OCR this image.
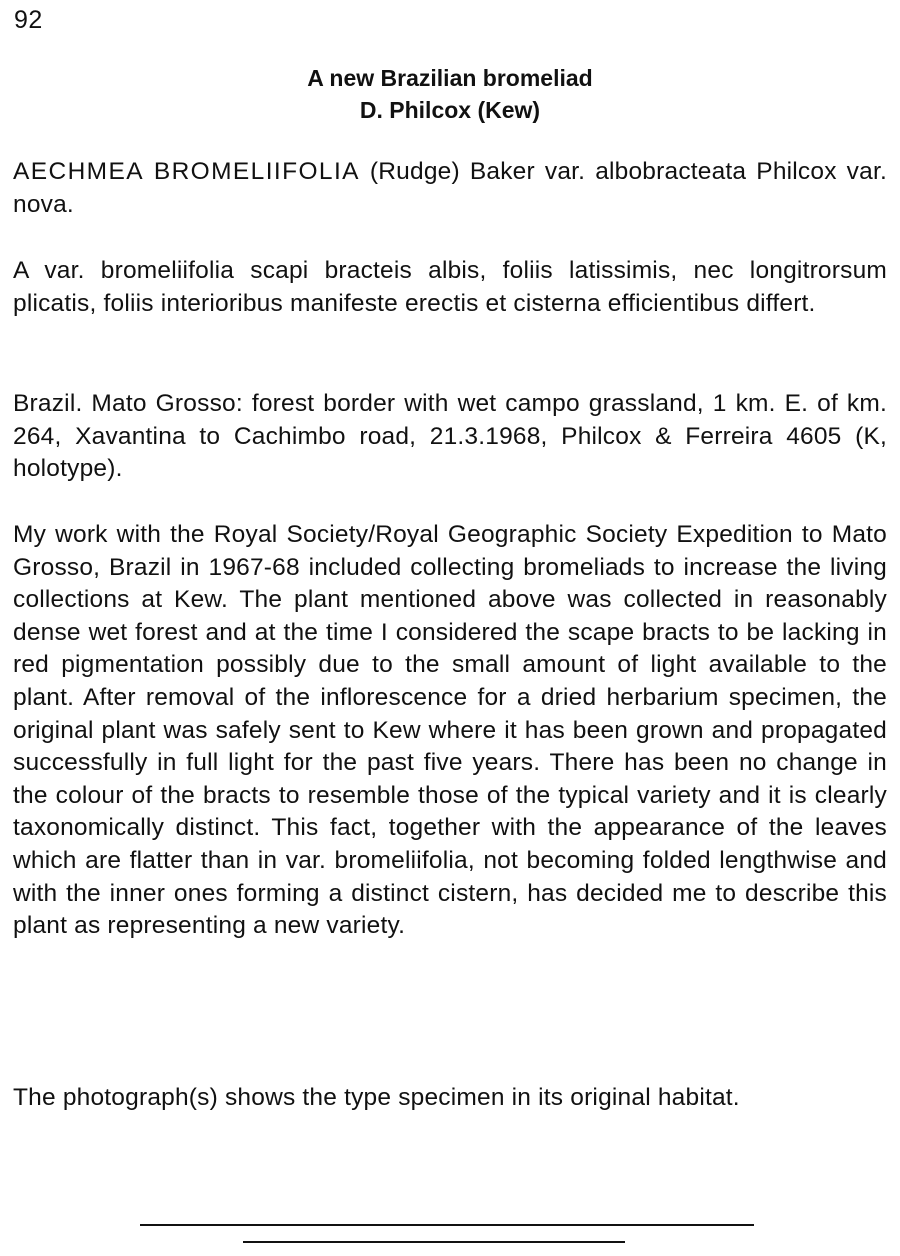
92
A new Brazilian bromeliad
D. Philcox (Kew)
AECHMEA BROMELIIFOLIA (Rudge) Baker var. albobracteata Philcox var. nova.
A var. bromeliifolia scapi bracteis albis, foliis latissimis, nec longitrorsum plicatis, foliis interioribus manifeste erectis et cisterna efficientibus differt.
Brazil. Mato Grosso: forest border with wet campo grassland, 1 km. E. of km. 264, Xavantina to Cachimbo road, 21.3.1968, Philcox & Ferreira 4605 (K, holotype).
My work with the Royal Society/Royal Geographic Society Expedition to Mato Grosso, Brazil in 1967-68 included collecting bromeliads to increase the living collections at Kew. The plant mentioned above was collected in reasonably dense wet forest and at the time I considered the scape bracts to be lacking in red pigmentation possibly due to the small amount of light available to the plant. After removal of the inflorescence for a dried herbarium specimen, the original plant was safely sent to Kew where it has been grown and propagated successfully in full light for the past five years. There has been no change in the colour of the bracts to resemble those of the typical variety and it is clearly taxonomically distinct. This fact, together with the appearance of the leaves which are flatter than in var. bromeliifolia, not becoming folded lengthwise and with the inner ones forming a distinct cistern, has decided me to describe this plant as representing a new variety.
The photograph(s) shows the type specimen in its original habitat.
